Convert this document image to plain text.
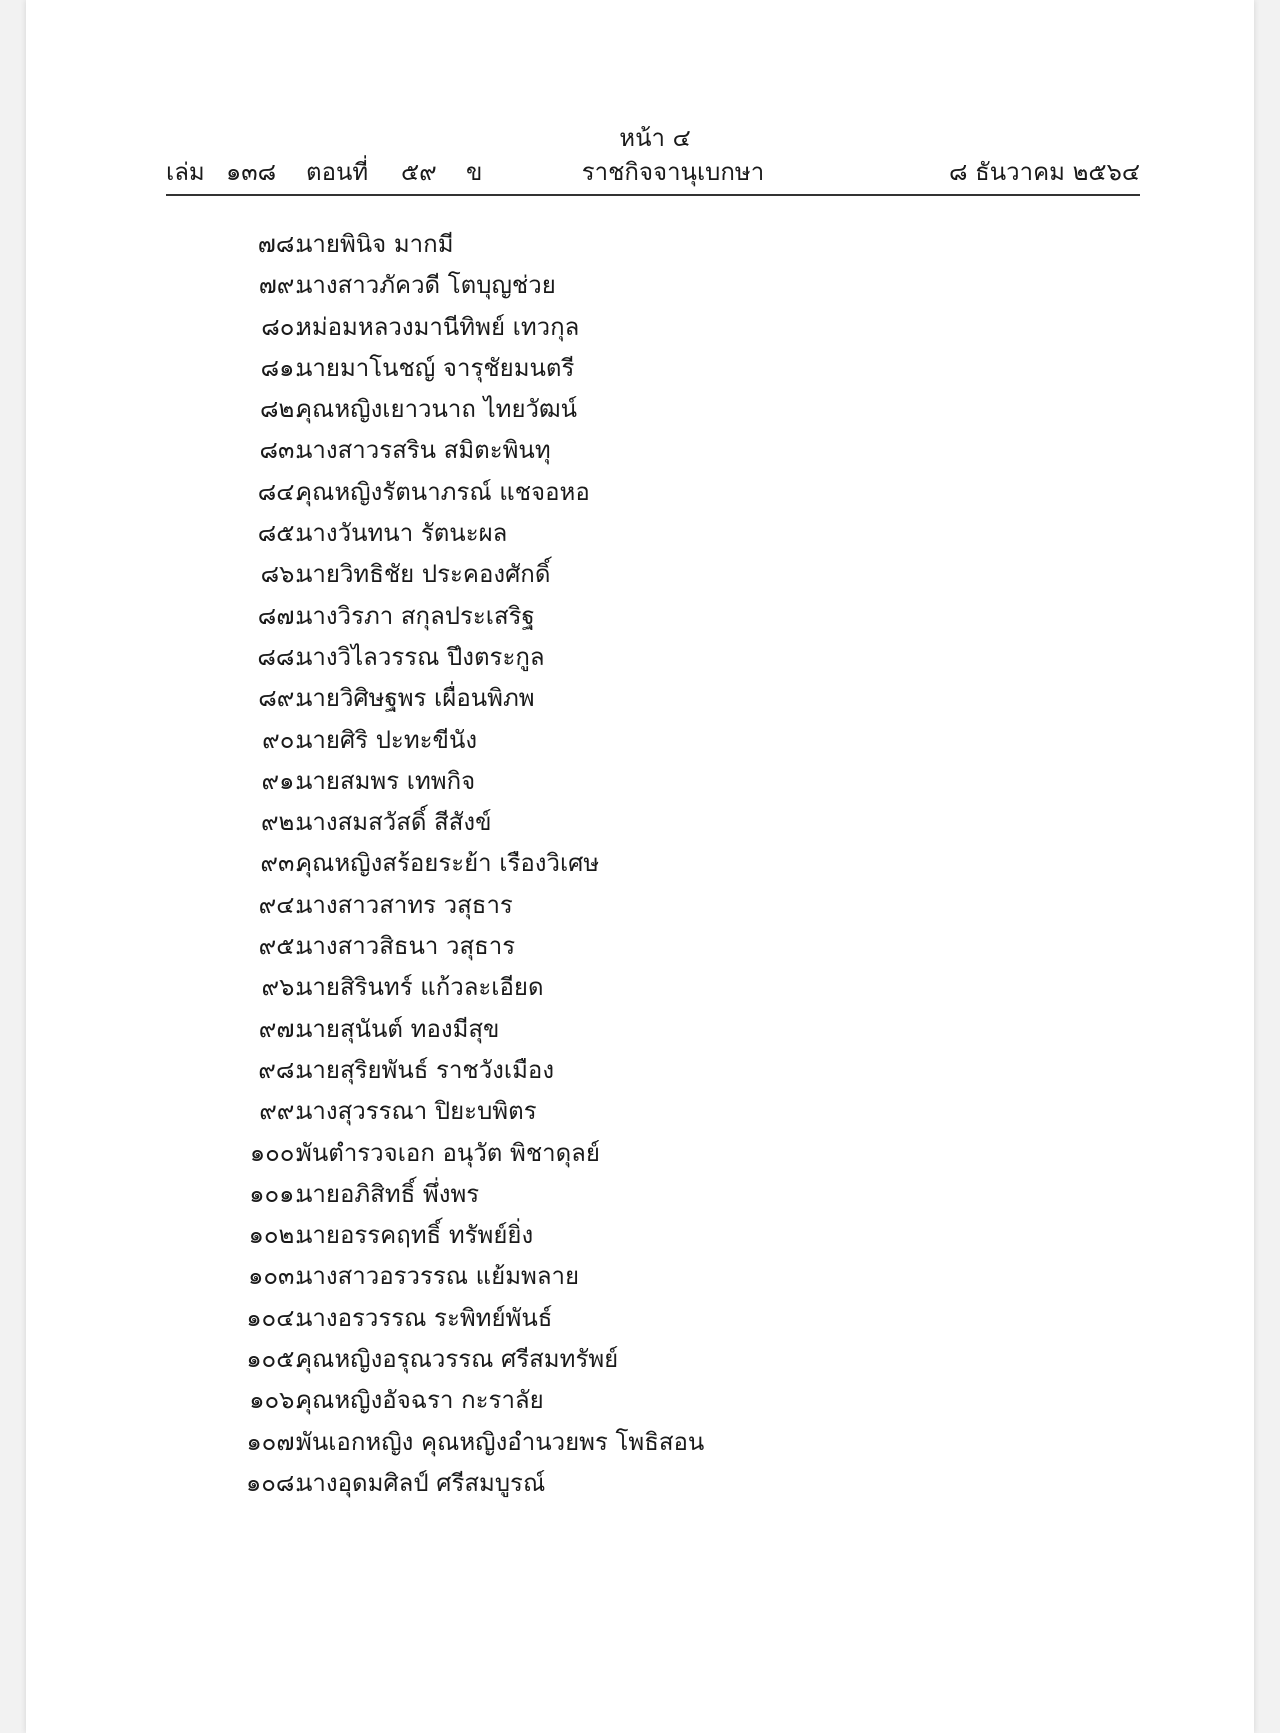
หน้า ๔
เล่ม ๑๓๘ ตอนที่ ๕๙ ข	ราชกิจจานุเบกษา	๘ ธันวาคม ๒๕๖๔
๗๘.
นายพินิจ มากมี
๗๙.
นางสาวภัควดี โตบุญช่วย
๘๐.
หม่อมหลวงมานีทิพย์ เทวกุล
๘๑.
นายมาโนชญ์ จารุชัยมนตรี
๘๒.
คุณหญิงเยาวนาถ ไทยวัฒน์
๘๓.
นางสาวรสริน สมิตะพินทุ
๘๔.
คุณหญิงรัตนาภรณ์ แชจอหอ
๘๕.
นางวันทนา รัตนะผล
๘๖.
นายวิทธิชัย ประคองศักดิ์
๘๗.
นางวิรภา สกุลประเสริฐ
๘๘.
นางวิไลวรรณ ปึงตระกูล
๘๙.
นายวิศิษฐพร เผื่อนพิภพ
๙๐.
นายศิริ ปะทะขีนัง
๙๑.
นายสมพร เทพกิจ
๙๒.
นางสมสวัสดิ์ สีสังข์
๙๓.
คุณหญิงสร้อยระย้า เรืองวิเศษ
๙๔.
นางสาวสาทร วสุธาร
๙๕.
นางสาวสิธนา วสุธาร
๙๖.
นายสิรินทร์ แก้วละเอียด
๙๗.
นายสุนันต์ ทองมีสุข
๙๘.
นายสุริยพันธ์ ราชวังเมือง
๙๙.
นางสุวรรณา ปิยะบพิตร
๑๐๐.
พันตำรวจเอก อนุวัต พิชาดุลย์
๑๐๑.
นายอภิสิทธิ์ พึ่งพร
๑๐๒.
นายอรรคฤทธิ์ ทรัพย์ยิ่ง
๑๐๓.
นางสาวอรวรรณ แย้มพลาย
๑๐๔.
นางอรวรรณ ระพิทย์พันธ์
๑๐๕.
คุณหญิงอรุณวรรณ ศรีสมทรัพย์
๑๐๖.
คุณหญิงอัจฉรา กะราลัย
๑๐๗.
พันเอกหญิง คุณหญิงอำนวยพร โพธิสอน
๑๐๘.
นางอุดมศิลป์ ศรีสมบูรณ์
